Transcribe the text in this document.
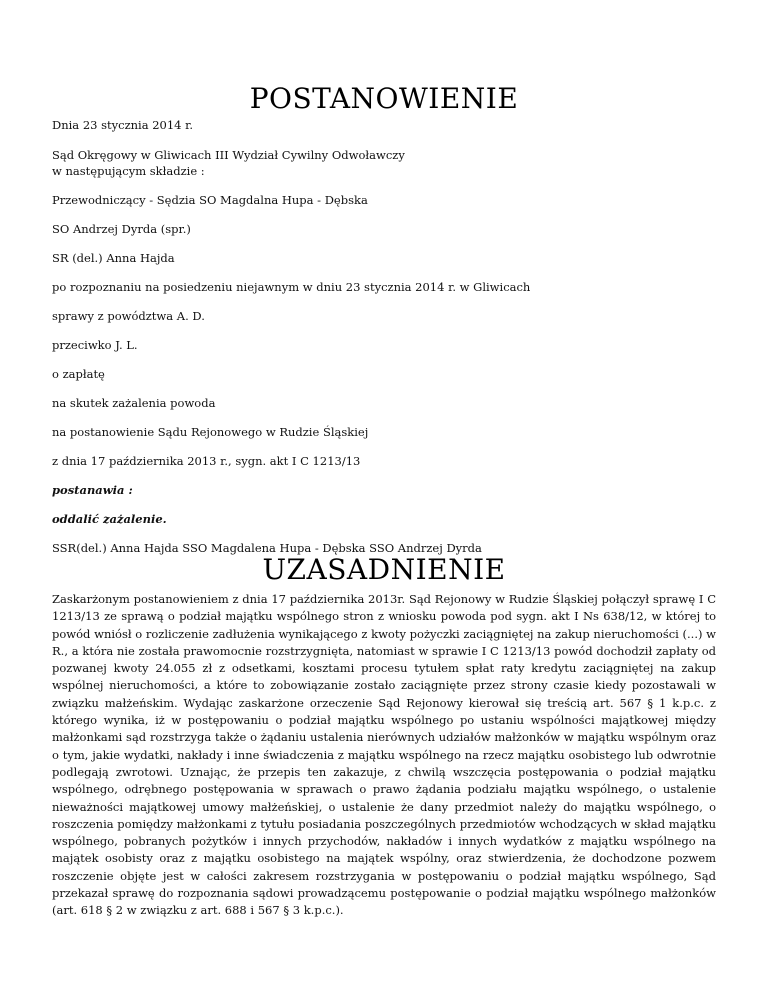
POSTANOWIENIE

Dnia 23 stycznia 2014 r.

Sąd Okręgowy w Gliwicach III Wydział Cywilny Odwoławczy

w następującym składzie :

Przewodniczący - Sędzia SO Magdalna Hupa - Dębska

SO Andrzej Dyrda (spr.)

SR (del.) Anna Hajda

po rozpoznaniu na posiedzeniu niejawnym w dniu 23 stycznia 2014 r. w Gliwicach

sprawy z powództwa A. D.

przeciwko J. L.

o zapłatę

na skutek zażalenia powoda

na postanowienie Sądu Rejonowego w Rudzie Śląskiej

z dnia 17 października 2013 r., sygn. akt I C 1213/13

postanawia :

oddalić zażalenie.

SSR(del.) Anna Hajda SSO Magdalena Hupa - Dębska SSO Andrzej Dyrda

UZASADNIENIE

Zaskarżonym postanowieniem z dnia 17 października 2013r. Sąd Rejonowy w Rudzie Śląskiej połączył sprawę I C 1213/13 ze sprawą o podział majątku wspólnego stron z wniosku powoda pod sygn. akt I Ns 638/12, w której to powód wniósł o rozliczenie zadłużenia wynikającego z kwoty pożyczki zaciągniętej na zakup nieruchomości (...) w R., a która nie została prawomocnie rozstrzygnięta, natomiast w sprawie I C 1213/13 powód dochodził zapłaty od pozwanej kwoty 24.055 zł z odsetkami, kosztami procesu tytułem spłat raty kredytu zaciągniętej na zakup wspólnej nieruchomości, a które to zobowiązanie zostało zaciągnięte przez strony czasie kiedy pozostawali w związku małżeńskim. Wydając zaskarżone orzeczenie Sąd Rejonowy kierował się treścią art. 567 § 1 k.p.c. z którego wynika, iż w postępowaniu o podział majątku wspólnego po ustaniu wspólności majątkowej między małżonkami sąd rozstrzyga także o żądaniu ustalenia nierównych udziałów małżonków w majątku wspólnym oraz o tym, jakie wydatki, nakłady i inne świadczenia z majątku wspólnego na rzecz majątku osobistego lub odwrotnie podlegają zwrotowi. Uznając, że przepis ten zakazuje, z chwilą wszczęcia postępowania o podział majątku wspólnego, odrębnego postępowania w sprawach o prawo żądania podziału majątku wspólnego, o ustalenie nieważności majątkowej umowy małżeńskiej, o ustalenie że dany przedmiot należy do majątku wspólnego, o roszczenia pomiędzy małżonkami z tytułu posiadania poszczególnych przedmiotów wchodzących w skład majątku wspólnego, pobranych pożytków i innych przychodów, nakładów i innych wydatków z majątku wspólnego na majątek osobisty oraz z majątku osobistego na majątek wspólny, oraz stwierdzenia, że dochodzone pozwem roszczenie objęte jest w całości zakresem rozstrzygania w postępowaniu o podział majątku wspólnego, Sąd przekazał sprawę do rozpoznania sądowi prowadzącemu postępowanie o podział majątku wspólnego małżonków (art. 618 § 2 w związku z art. 688 i 567 § 3 k.p.c.).
